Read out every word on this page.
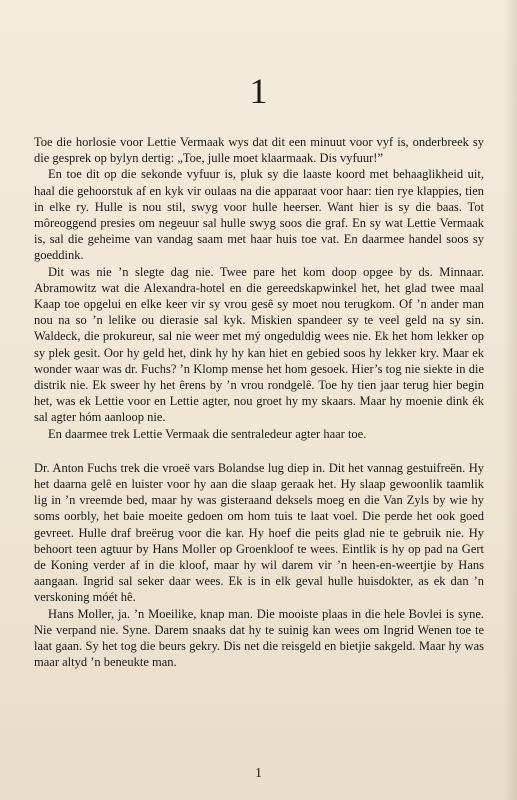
1

Toe die horlosie voor Lettie Vermaak wys dat dit een minuut voor vyf is, onderbreek sy die gesprek op bylyn dertig: „Toe, julle moet klaarmaak. Dis vyfuur!”

En toe dit op die sekonde vyfuur is, pluk sy die laaste koord met behaaglikheid uit, haal die gehoorstuk af en kyk vir oulaas na die apparaat voor haar: tien rye klappies, tien in elke ry. Hulle is nou stil, swyg voor hulle heerser. Want hier is sy die baas. Tot môreoggend presies om negeuur sal hulle swyg soos die graf. En sy wat Lettie Vermaak is, sal die geheime van vandag saam met haar huis toe vat. En daarmee handel soos sy goeddink.

Dit was nie ’n slegte dag nie. Twee pare het kom doop opgee by ds. Minnaar. Abramowitz wat die Alexandra-hotel en die gereedskapwinkel het, het glad twee maal Kaap toe opgelui en elke keer vir sy vrou gesê sy moet nou terugkom. Of ’n ander man nou na so ’n lelike ou dierasie sal kyk. Miskien spandeer sy te veel geld na sy sin. Waldeck, die prokureur, sal nie weer met mý ongeduldig wees nie. Ek het hom lekker op sy plek gesit. Oor hy geld het, dink hy hy kan hiet en gebied soos hy lekker kry. Maar ek wonder waar was dr. Fuchs? ’n Klomp mense het hom gesoek. Hier’s tog nie siekte in die distrik nie. Ek sweer hy het êrens by ’n vrou rondgelê. Toe hy tien jaar terug hier begin het, was ek Lettie voor en Lettie agter, nou groet hy my skaars. Maar hy moenie dink ék sal agter hóm aanloop nie.

En daarmee trek Lettie Vermaak die sentraledeur agter haar toe.

Dr. Anton Fuchs trek die vroeë vars Bolandse lug diep in. Dit het vannag gestuifreën. Hy het daarna gelê en luister voor hy aan die slaap geraak het. Hy slaap gewoonlik taamlik lig in ’n vreemde bed, maar hy was gisteraand deksels moeg en die Van Zyls by wie hy soms oorbly, het baie moeite gedoen om hom tuis te laat voel. Die perde het ook goed gevreet. Hulle draf breërug voor die kar. Hy hoef die peits glad nie te gebruik nie. Hy behoort teen agtuur by Hans Moller op Groenkloof te wees. Eintlik is hy op pad na Gert de Koning verder af in die kloof, maar hy wil darem vir ’n heen-en-weertjie by Hans aangaan. Ingrid sal seker daar wees. Ek is in elk geval hulle huisdokter, as ek dan ’n verskoning móét hê.

Hans Moller, ja. ’n Moeilike, knap man. Die mooiste plaas in die hele Bovlei is syne. Nie verpand nie. Syne. Darem snaaks dat hy te suinig kan wees om Ingrid Wenen toe te laat gaan. Sy het tog die beurs gekry. Dis net die reisgeld en bietjie sakgeld. Maar hy was maar altyd ’n beneukte man.

1
